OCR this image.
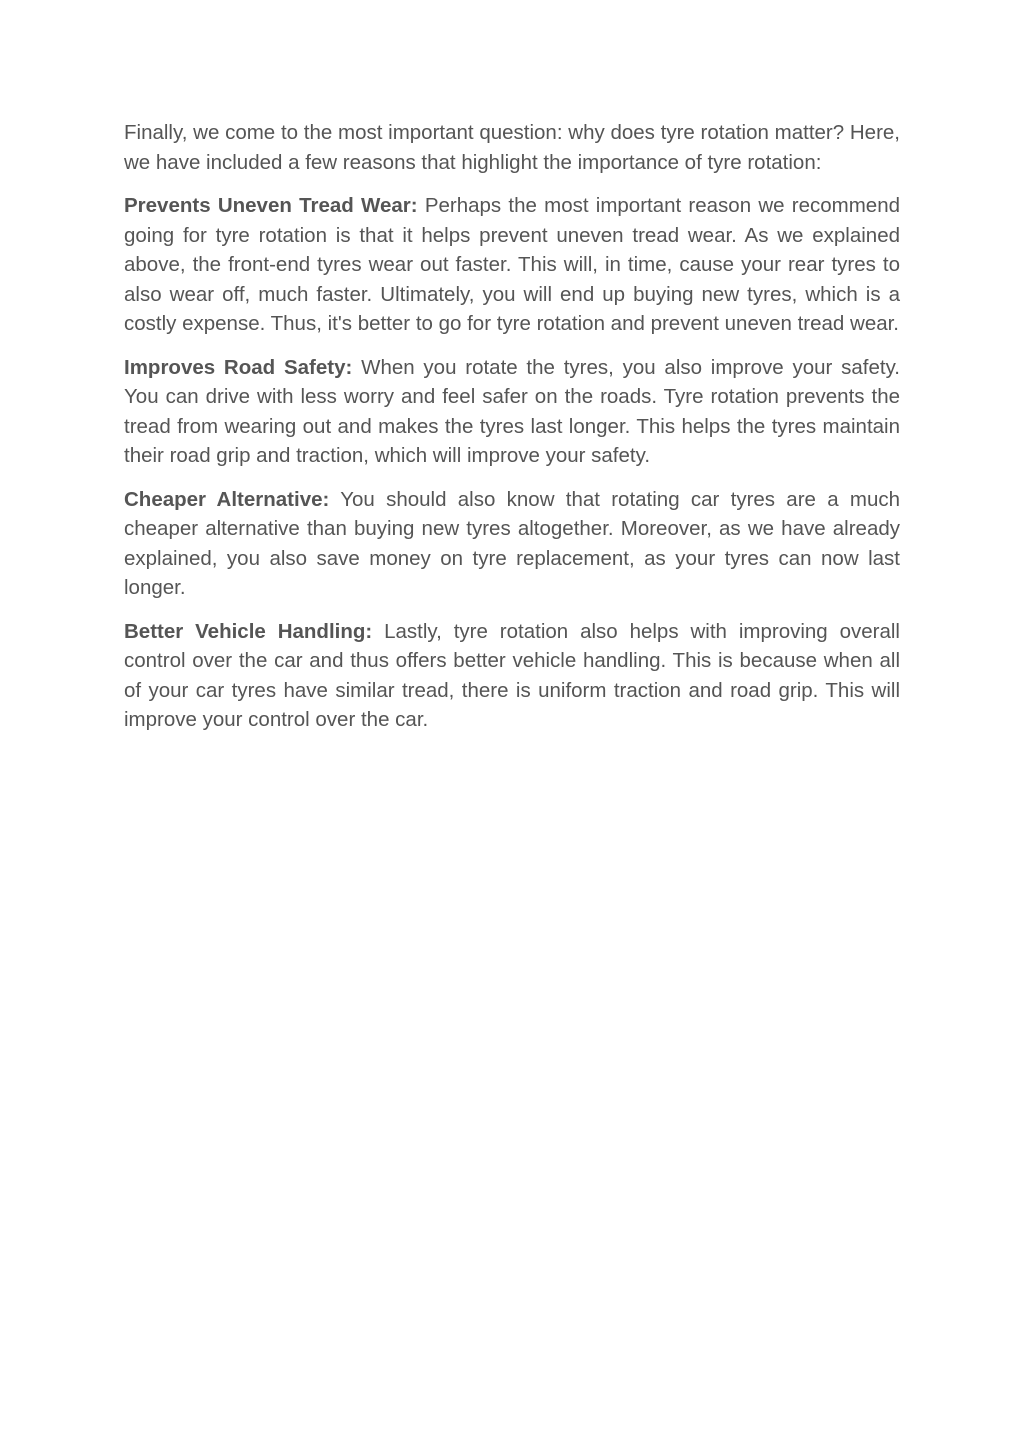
Finally, we come to the most important question: why does tyre rotation matter? Here, we have included a few reasons that highlight the importance of tyre rotation:

Prevents Uneven Tread Wear: Perhaps the most important reason we recommend going for tyre rotation is that it helps prevent uneven tread wear. As we explained above, the front-end tyres wear out faster. This will, in time, cause your rear tyres to also wear off, much faster. Ultimately, you will end up buying new tyres, which is a costly expense. Thus, it's better to go for tyre rotation and prevent uneven tread wear.

Improves Road Safety: When you rotate the tyres, you also improve your safety. You can drive with less worry and feel safer on the roads. Tyre rotation prevents the tread from wearing out and makes the tyres last longer. This helps the tyres maintain their road grip and traction, which will improve your safety.

Cheaper Alternative: You should also know that rotating car tyres are a much cheaper alternative than buying new tyres altogether. Moreover, as we have already explained, you also save money on tyre replacement, as your tyres can now last longer.

Better Vehicle Handling: Lastly, tyre rotation also helps with improving overall control over the car and thus offers better vehicle handling. This is because when all of your car tyres have similar tread, there is uniform traction and road grip. This will improve your control over the car.
